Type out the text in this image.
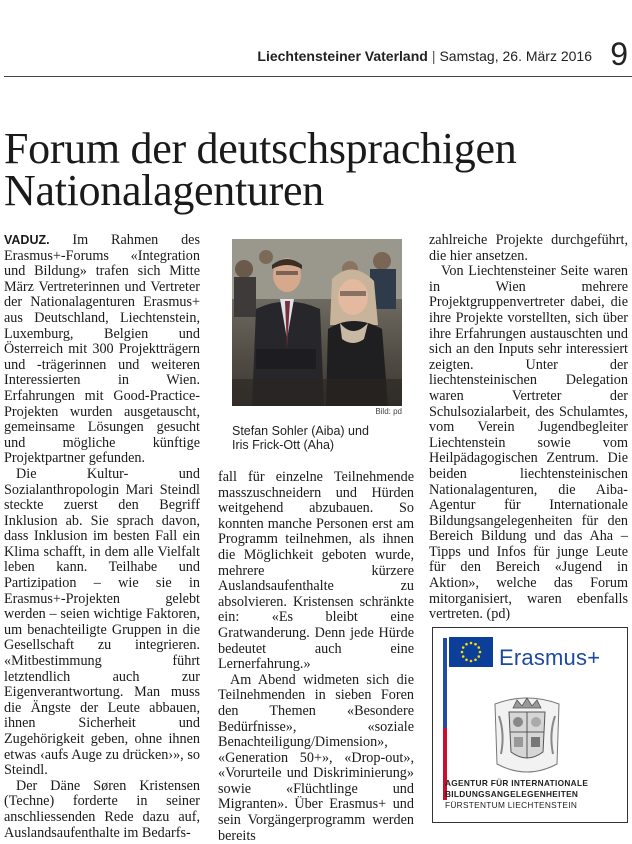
Liechtensteiner Vaterland | Samstag, 26. März 2016 9
Forum der deutschsprachigen Nationalagenturen

VADUZ. Im Rahmen des Erasmus+-Forums «Integration und Bildung» trafen sich Mitte März Vertreterinnen und Vertreter der Nationalagenturen Erasmus+ aus Deutschland, Liechtenstein, Luxemburg, Belgien und Österreich mit 300 Projektträgern und -trägerinnen und weiteren Interessierten in Wien. Erfahrungen mit Good-Practice-Projekten wurden ausgetauscht, gemeinsame Lösungen gesucht und mögliche künftige Projektpartner gefunden.

Die Kultur- und Sozialanthropologin Mari Steindl steckte zuerst den Begriff Inklusion ab. Sie sprach davon, dass Inklusion im besten Fall ein Klima schafft, in dem alle Vielfalt leben kann. Teilhabe und Partizipation – wie sie in Erasmus+-Projekten gelebt werden – seien wichtige Faktoren, um benachteiligte Gruppen in die Gesellschaft zu integrieren. «Mitbestimmung führt letztendlich auch zur Eigenverantwortung. Man muss die Ängste der Leute abbauen, ihnen Sicherheit und Zugehörigkeit geben, ohne ihnen etwas ‹aufs Auge zu drücken›», so Steindl.

Der Däne Søren Kristensen (Techne) forderte in seiner anschliessenden Rede dazu auf, Auslandsaufenthalte im Bedarfs-

Bild: pd
Stefan Sohler (Aiba) und
Iris Frick-Ott (Aha)

fall für einzelne Teilnehmende masszuschneidern und Hürden weitgehend abzubauen. So konnten manche Personen erst am Programm teilnehmen, als ihnen die Möglichkeit geboten wurde, mehrere kürzere Auslandsaufenthalte zu absolvieren. Kristensen schränkte ein: «Es bleibt eine Gratwanderung. Denn jede Hürde bedeutet auch eine Lernerfahrung.»

Am Abend widmeten sich die Teilnehmenden in sieben Foren den Themen «Besondere Bedürfnisse», «soziale Benachteiligung/Dimension», «Generation 50+», «Drop-out», «Vorurteile und Diskriminierung» sowie «Flüchtlinge und Migranten». Über Erasmus+ und sein Vorgängerprogramm werden bereits

zahlreiche Projekte durchgeführt, die hier ansetzen.

Von Liechtensteiner Seite waren in Wien mehrere Projektgruppenvertreter dabei, die ihre Projekte vorstellten, sich über ihre Erfahrungen austauschten und sich an den Inputs sehr interessiert zeigten. Unter der liechtensteinischen Delegation waren Vertreter der Schulsozialarbeit, des Schulamtes, vom Verein Jugendbegleiter Liechtenstein sowie vom Heilpädagogischen Zentrum. Die beiden liechtensteinischen Nationalagenturen, die Aiba-Agentur für Internationale Bildungsangelegenheiten für den Bereich Bildung und das Aha – Tipps und Infos für junge Leute für den Bereich «Jugend in Aktion», welche das Forum mitorganisiert, waren ebenfalls vertreten. (pd)

Erasmus+
AGENTUR FÜR INTERNATIONALE
BILDUNGSANGELEGENHEITEN
FÜRSTENTUM LIECHTENSTEIN
